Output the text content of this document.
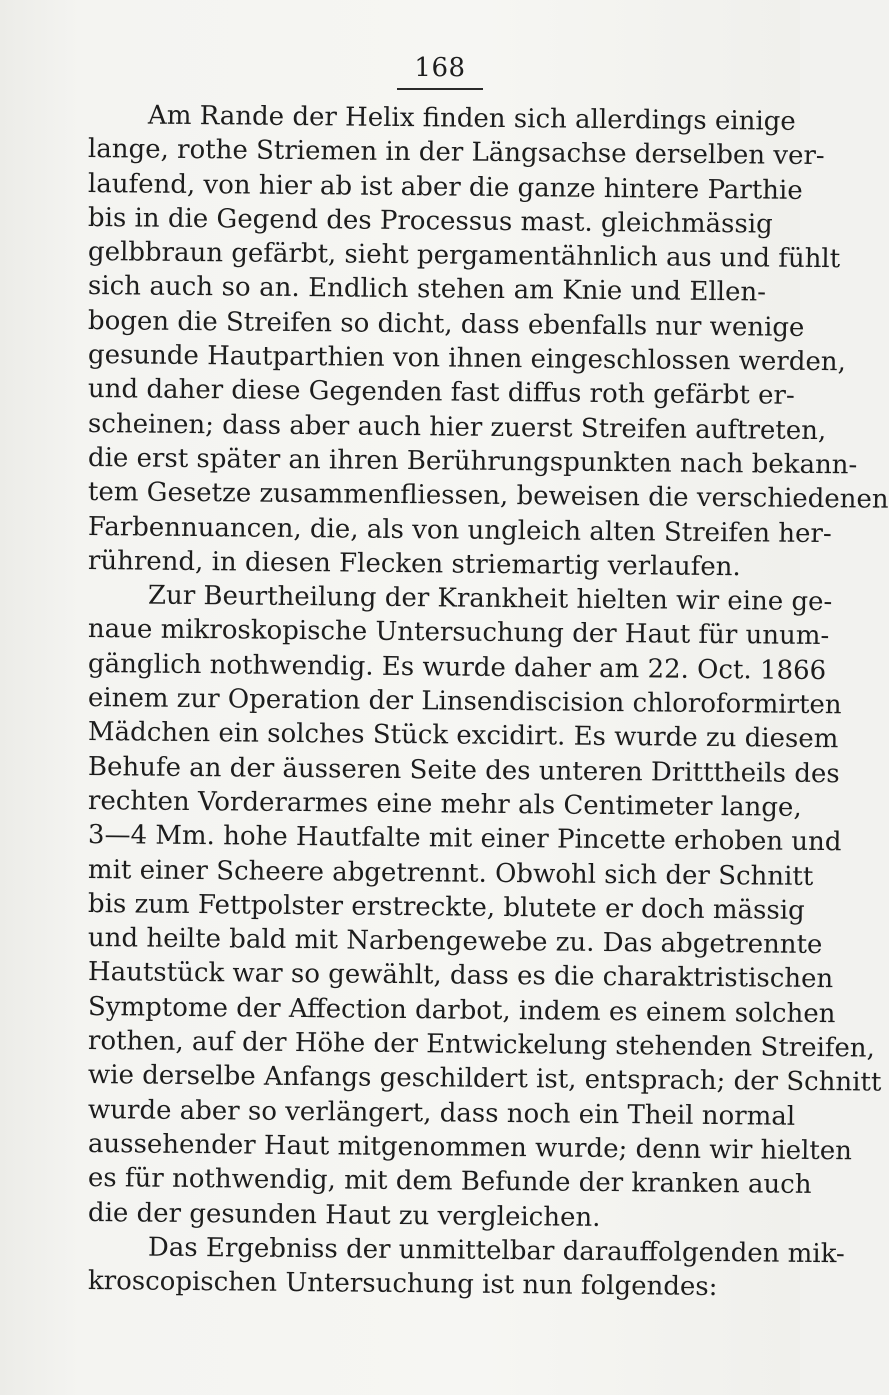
168
Am Rande der Helix finden sich allerdings einige
lange, rothe Striemen in der Längsachse derselben ver-
laufend, von hier ab ist aber die ganze hintere Parthie
bis in die Gegend des Processus mast. gleichmässig
gelbbraun gefärbt, sieht pergamentähnlich aus und fühlt
sich auch so an. Endlich stehen am Knie und Ellen-
bogen die Streifen so dicht, dass ebenfalls nur wenige
gesunde Hautparthien von ihnen eingeschlossen werden,
und daher diese Gegenden fast diffus roth gefärbt er-
scheinen; dass aber auch hier zuerst Streifen auftreten,
die erst später an ihren Berührungspunkten nach bekann-
tem Gesetze zusammenfliessen, beweisen die verschiedenen
Farbennuancen, die, als von ungleich alten Streifen her-
rührend, in diesen Flecken striemartig verlaufen.
Zur Beurtheilung der Krankheit hielten wir eine ge-
naue mikroskopische Untersuchung der Haut für unum-
gänglich nothwendig. Es wurde daher am 22. Oct. 1866
einem zur Operation der Linsendiscision chloroformirten
Mädchen ein solches Stück excidirt. Es wurde zu diesem
Behufe an der äusseren Seite des unteren Dritttheils des
rechten Vorderarmes eine mehr als Centimeter lange,
3—4 Mm. hohe Hautfalte mit einer Pincette erhoben und
mit einer Scheere abgetrennt. Obwohl sich der Schnitt
bis zum Fettpolster erstreckte, blutete er doch mässig
und heilte bald mit Narbengewebe zu. Das abgetrennte
Hautstück war so gewählt, dass es die charaktristischen
Symptome der Affection darbot, indem es einem solchen
rothen, auf der Höhe der Entwickelung stehenden Streifen,
wie derselbe Anfangs geschildert ist, entsprach; der Schnitt
wurde aber so verlängert, dass noch ein Theil normal
aussehender Haut mitgenommen wurde; denn wir hielten
es für nothwendig, mit dem Befunde der kranken auch
die der gesunden Haut zu vergleichen.
Das Ergebniss der unmittelbar darauffolgenden mik-
kroscopischen Untersuchung ist nun folgendes:
